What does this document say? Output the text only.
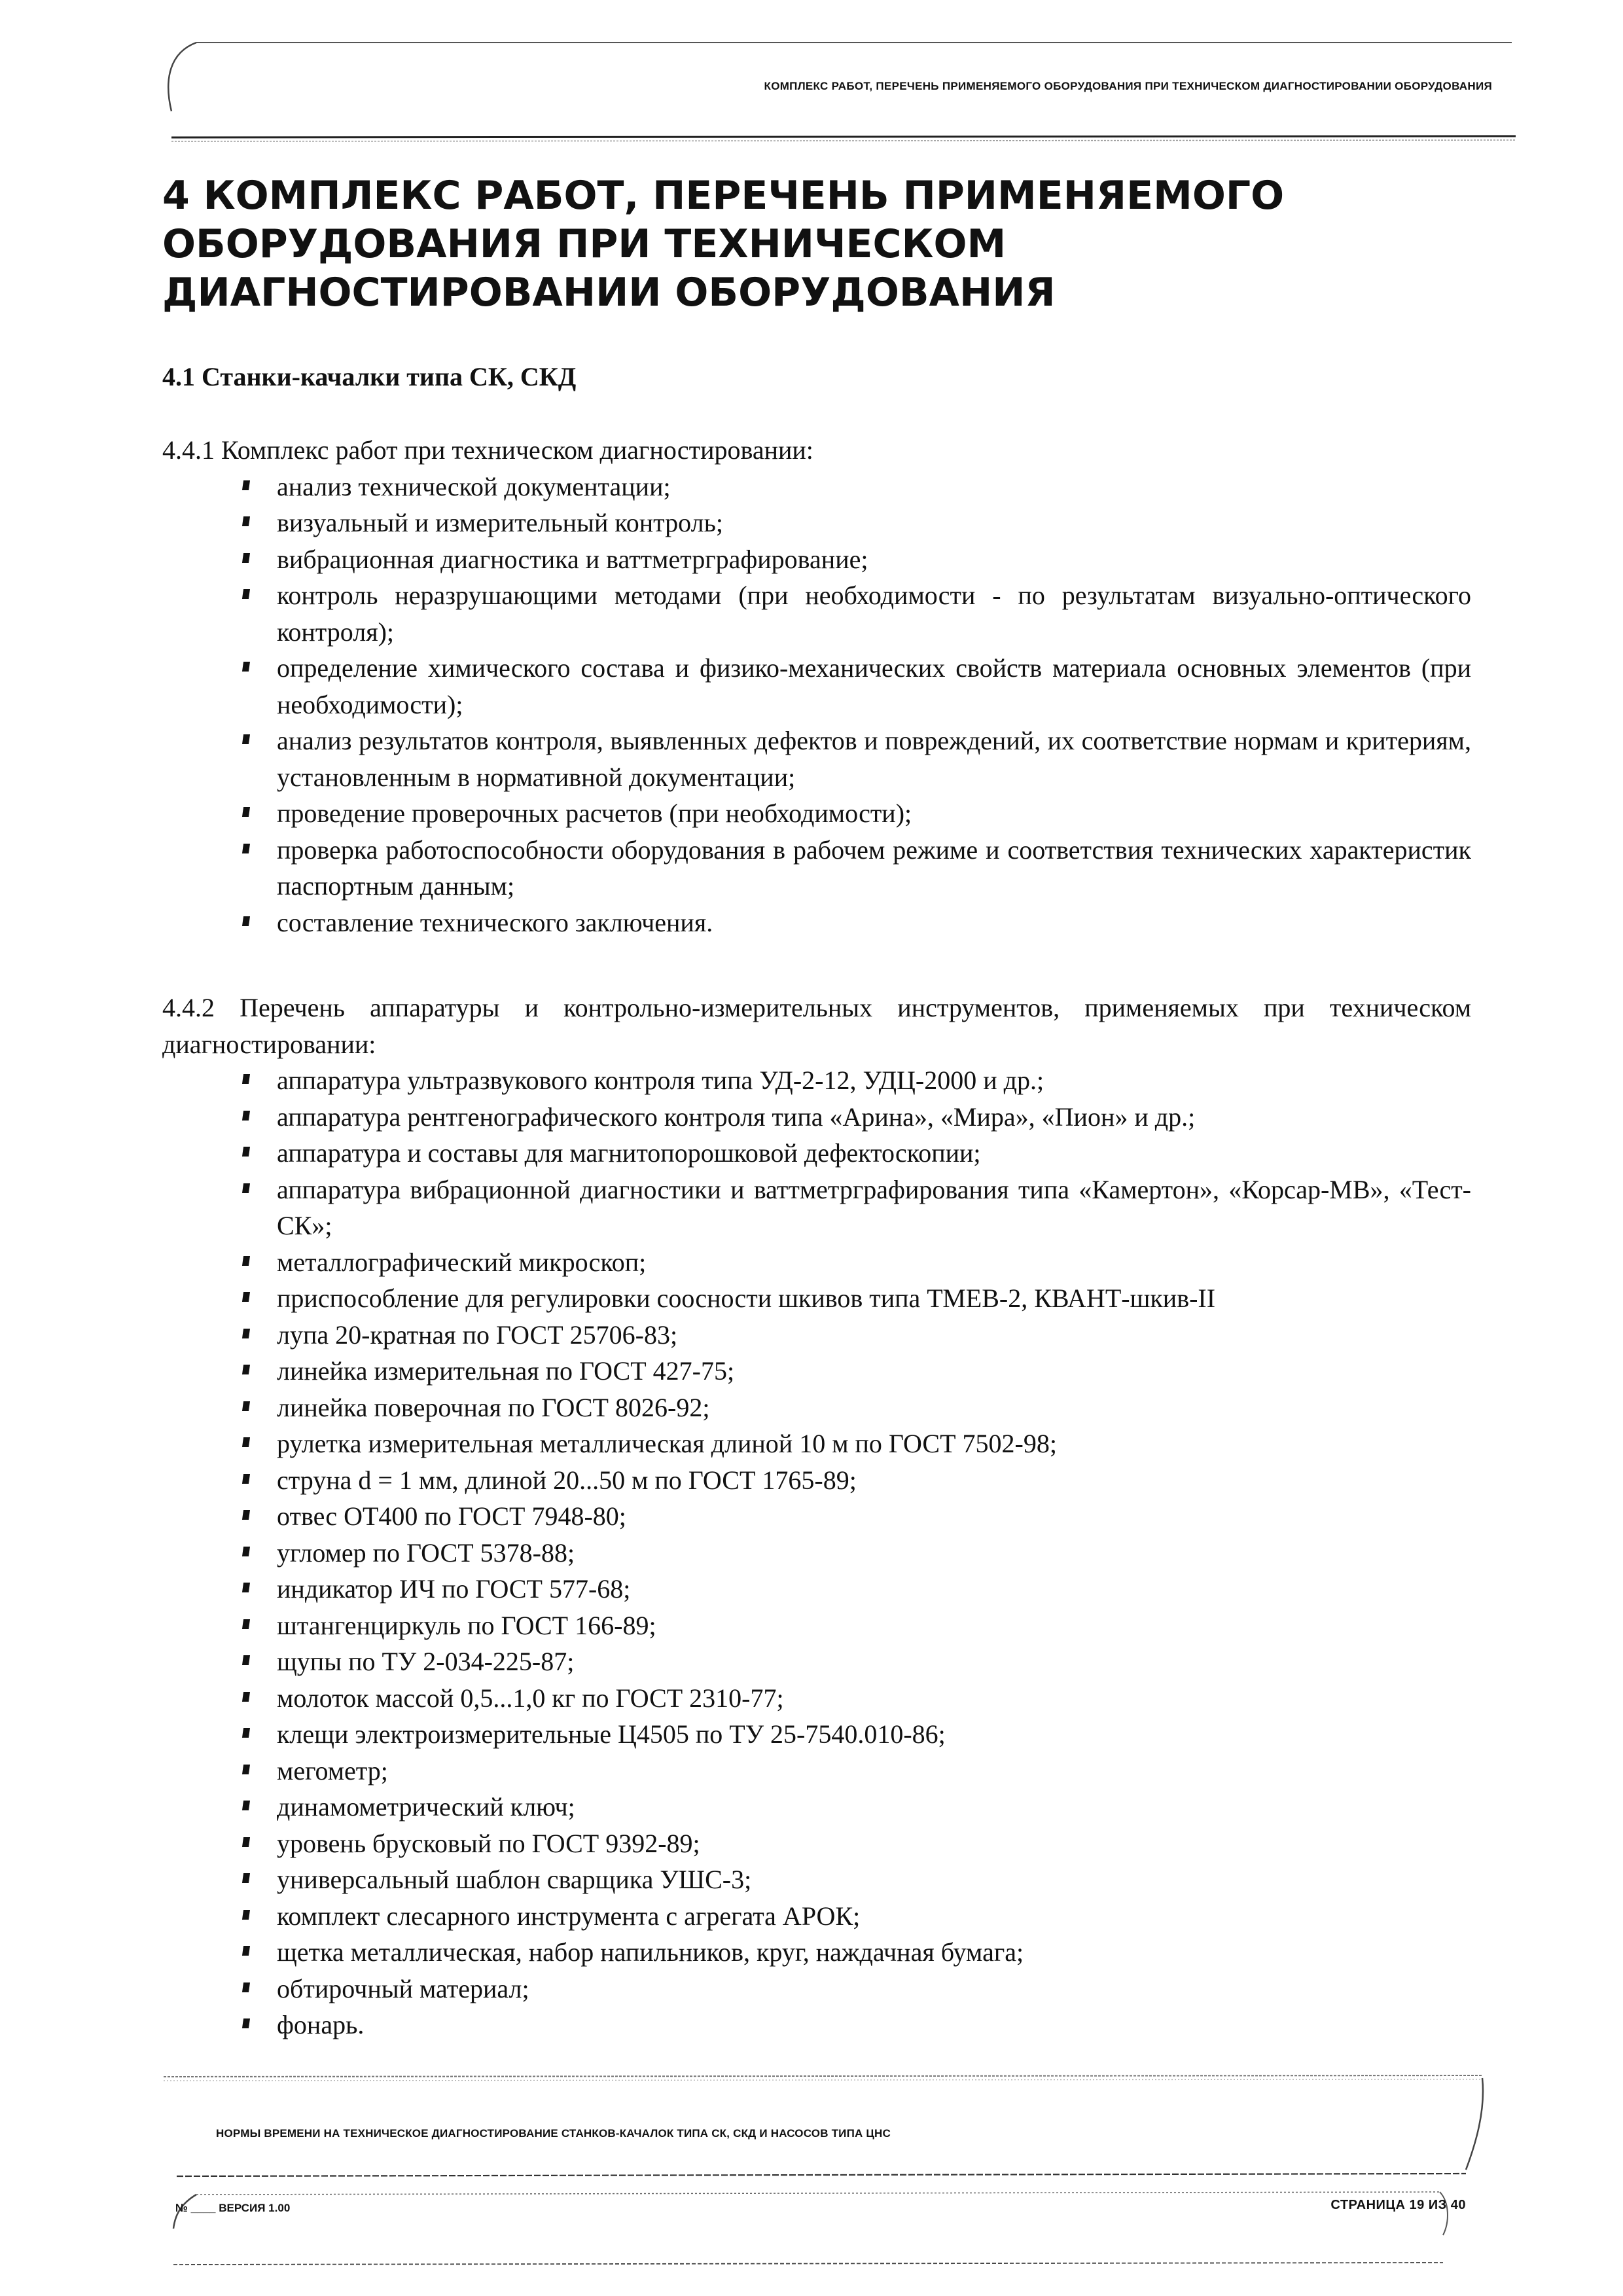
КОМПЛЕКС РАБОТ, ПЕРЕЧЕНЬ ПРИМЕНЯЕМОГО ОБОРУДОВАНИЯ ПРИ ТЕХНИЧЕСКОМ ДИАГНОСТИРОВАНИИ ОБОРУДОВАНИЯ
4 КОМПЛЕКС РАБОТ, ПЕРЕЧЕНЬ ПРИМЕНЯЕМОГО
ОБОРУДОВАНИЯ ПРИ ТЕХНИЧЕСКОМ
ДИАГНОСТИРОВАНИИ ОБОРУДОВАНИЯ
4.1 Станки-качалки типа СК, СКД

4.4.1 Комплекс работ при техническом диагностировании:

анализ технической документации;
визуальный и измерительный контроль;
вибрационная диагностика и ваттметрграфирование;
контроль неразрушающими методами (при необходимости - по результатам визуально-оптического контроля);
определение химического состава и физико-механических свойств материала основных элементов (при необходимости);
анализ результатов контроля, выявленных дефектов и повреждений, их соответствие нормам и критериям, установленным в нормативной документации;
проведение проверочных расчетов (при необходимости);
проверка работоспособности оборудования в рабочем режиме и соответствия технических характеристик паспортным данным;
составление технического заключения.

4.4.2 Перечень аппаратуры и контрольно-измерительных инструментов, применяемых при техническом диагностировании:

аппаратура ультразвукового контроля типа УД-2-12, УДЦ-2000 и др.;
аппаратура рентгенографического контроля типа «Арина», «Мира», «Пион» и др.;
аппаратура и составы для магнитопорошковой дефектоскопии;
аппаратура вибрационной диагностики и ваттметрграфирования типа «Камертон», «Корсар-МВ», «Тест-СК»;
металлографический микроскоп;
приспособление для регулировки соосности шкивов типа ТМЕВ-2, КВАНТ-шкив-II
лупа 20-кратная по ГОСТ 25706-83;
линейка измерительная по ГОСТ 427-75;
линейка поверочная по ГОСТ 8026-92;
рулетка измерительная металлическая длиной 10 м по ГОСТ 7502-98;
струна d = 1 мм, длиной 20...50 м по ГОСТ 1765-89;
отвес ОТ400 по ГОСТ 7948-80;
угломер по ГОСТ 5378-88;
индикатор ИЧ по ГОСТ 577-68;
штангенциркуль по ГОСТ 166-89;
щупы по ТУ 2-034-225-87;
молоток массой 0,5...1,0 кг по ГОСТ 2310-77;
клещи электроизмерительные Ц4505 по ТУ 25-7540.010-86;
мегометр;
динамометрический ключ;
уровень брусковый по ГОСТ 9392-89;
универсальный шаблон сварщика УШС-3;
комплект слесарного инструмента с агрегата АРОК;
щетка металлическая, набор напильников, круг, наждачная бумага;
обтирочный материал;
фонарь.
НОРМЫ ВРЕМЕНИ НА ТЕХНИЧЕСКОЕ ДИАГНОСТИРОВАНИЕ СТАНКОВ-КАЧАЛОК ТИПА СК, СКД И НАСОСОВ ТИПА ЦНС
№ ____ ВЕРСИЯ 1.00	СТРАНИЦА 19 ИЗ 40
